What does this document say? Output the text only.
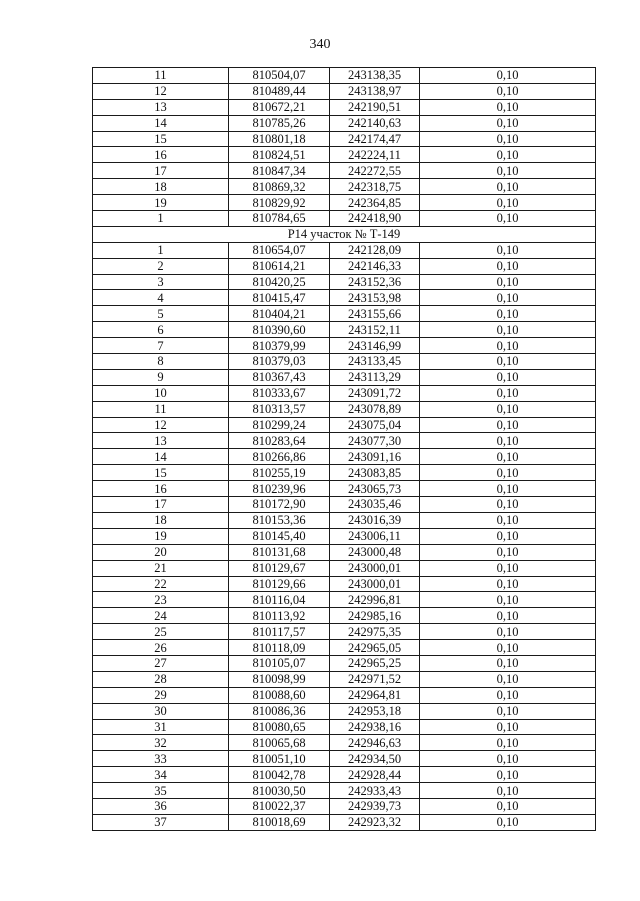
340
11	810504,07	243138,35	0,10
12	810489,44	243138,97	0,10
13	810672,21	242190,51	0,10
14	810785,26	242140,63	0,10
15	810801,18	242174,47	0,10
16	810824,51	242224,11	0,10
17	810847,34	242272,55	0,10
18	810869,32	242318,75	0,10
19	810829,92	242364,85	0,10
1	810784,65	242418,90	0,10
Р14 участок № Т-149			
1	810654,07	242128,09	0,10
2	810614,21	242146,33	0,10
3	810420,25	243152,36	0,10
4	810415,47	243153,98	0,10
5	810404,21	243155,66	0,10
6	810390,60	243152,11	0,10
7	810379,99	243146,99	0,10
8	810379,03	243133,45	0,10
9	810367,43	243113,29	0,10
10	810333,67	243091,72	0,10
11	810313,57	243078,89	0,10
12	810299,24	243075,04	0,10
13	810283,64	243077,30	0,10
14	810266,86	243091,16	0,10
15	810255,19	243083,85	0,10
16	810239,96	243065,73	0,10
17	810172,90	243035,46	0,10
18	810153,36	243016,39	0,10
19	810145,40	243006,11	0,10
20	810131,68	243000,48	0,10
21	810129,67	243000,01	0,10
22	810129,66	243000,01	0,10
23	810116,04	242996,81	0,10
24	810113,92	242985,16	0,10
25	810117,57	242975,35	0,10
26	810118,09	242965,05	0,10
27	810105,07	242965,25	0,10
28	810098,99	242971,52	0,10
29	810088,60	242964,81	0,10
30	810086,36	242953,18	0,10
31	810080,65	242938,16	0,10
32	810065,68	242946,63	0,10
33	810051,10	242934,50	0,10
34	810042,78	242928,44	0,10
35	810030,50	242933,43	0,10
36	810022,37	242939,73	0,10
37	810018,69	242923,32	0,10
